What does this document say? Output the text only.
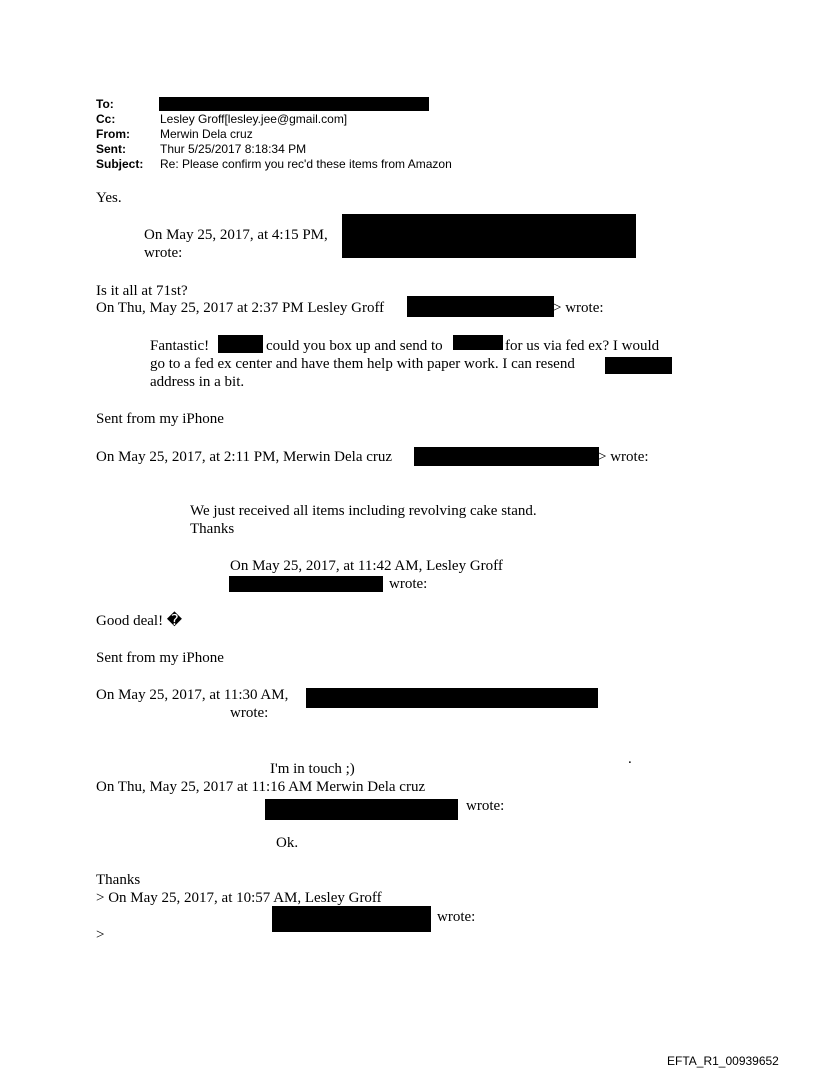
To:
Cc:	Lesley Groff[lesley.jee@gmail.com]
From:	Merwin Dela cruz
Sent:	Thur 5/25/2017 8:18:34 PM
Subject: Re: Please confirm you rec'd these items from Amazon
Yes.
On May 25, 2017, at 4:15 PM,
wrote:
Is it all at 71st?
On Thu, May 25, 2017 at 2:37 PM Lesley Groff	> wrote:
Fantastic!	could you box up and send to	for us via fed ex? I would
go to a fed ex center and have them help with paper work. I can resend
address in a bit.
Sent from my iPhone
On May 25, 2017, at 2:11 PM, Merwin Dela cruz	> wrote:
We just received all items including revolving cake stand.
Thanks
On May 25, 2017, at 11:42 AM, Lesley Groff
wrote:
Good deal! �
Sent from my iPhone
On May 25, 2017, at 11:30 AM,
wrote:
.
I'm in touch ;)
On Thu, May 25, 2017 at 11:16 AM Merwin Dela cruz
wrote:
Ok.
Thanks
> On May 25, 2017, at 10:57 AM, Lesley Groff
wrote:
>
EFTA_R1_00939652
